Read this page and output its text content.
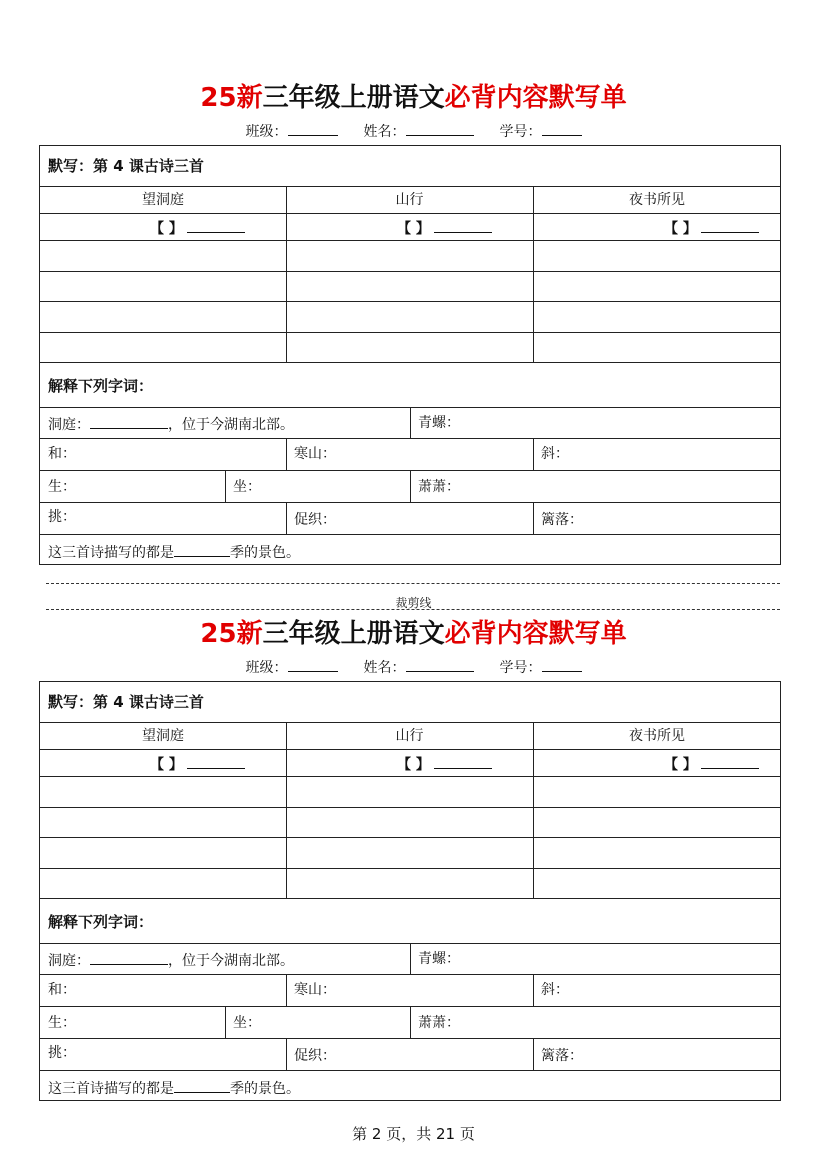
25新三年级上册语文必背内容默写单
班级：	姓名：	学号：
默写：第 4 课古诗三首
望洞庭	山行	夜书所见
【 】	【 】	【 】
解释下列字词：
洞庭：	，位于今湖南北部。	青螺：
和：	寒山：	斜：
生：	坐：	萧萧：
挑：	促织：	篱落：
这三首诗描写的都是	季的景色。
裁剪线
25新三年级上册语文必背内容默写单
班级：	姓名：	学号：
默写：第 4 课古诗三首
望洞庭	山行	夜书所见
【 】	【 】	【 】
解释下列字词：
洞庭：	，位于今湖南北部。	青螺：
和：	寒山：	斜：
生：	坐：	萧萧：
挑：	促织：	篱落：
这三首诗描写的都是	季的景色。
第 2 页，共 21 页
